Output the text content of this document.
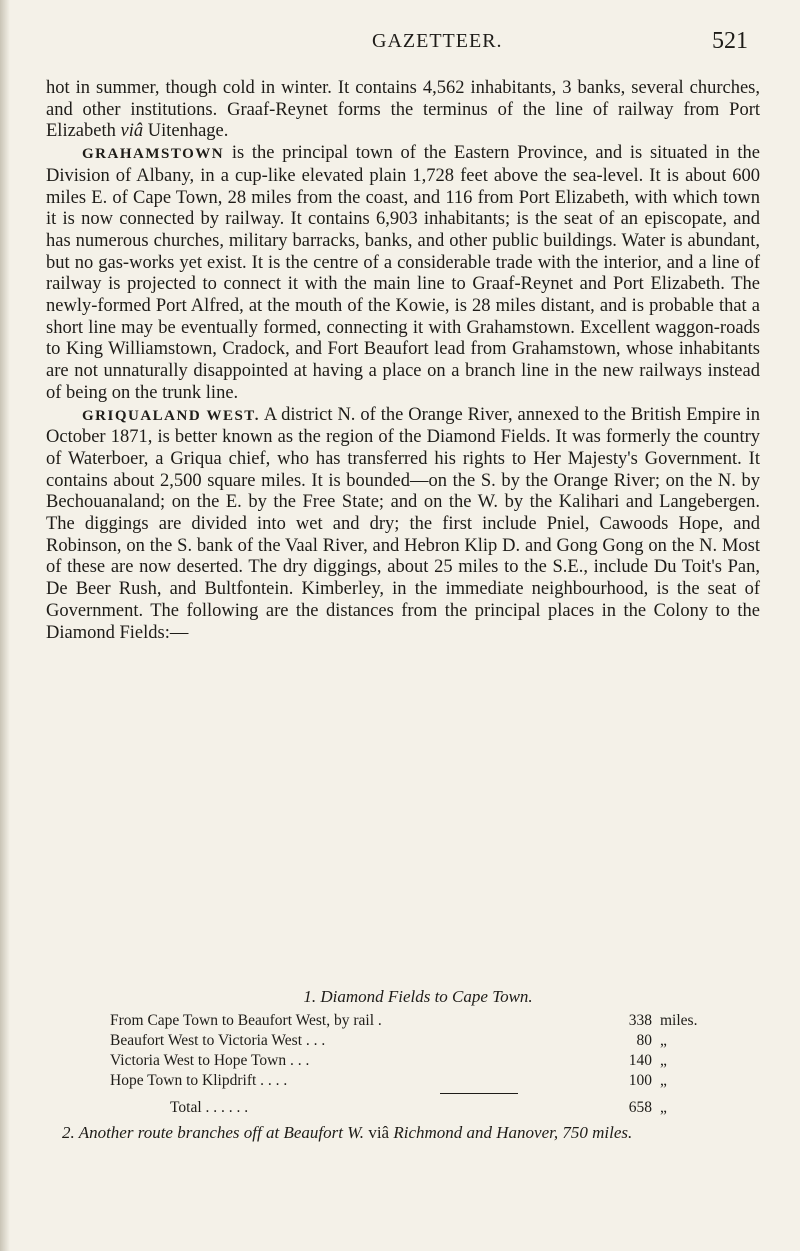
GAZETTEER.	521

hot in summer, though cold in winter. It contains 4,562 inhabitants, 3 banks, several churches, and other institutions. Graaf-Reynet forms the terminus of the line of railway from Port Elizabeth viâ Uitenhage.

GRAHAMSTOWN is the principal town of the Eastern Province, and is situated in the Division of Albany, in a cup-like elevated plain 1,728 feet above the sea-level. It is about 600 miles E. of Cape Town, 28 miles from the coast, and 116 from Port Elizabeth, with which town it is now connected by railway. It contains 6,903 inhabitants; is the seat of an episcopate, and has numerous churches, military barracks, banks, and other public buildings. Water is abundant, but no gas-works yet exist. It is the centre of a considerable trade with the interior, and a line of railway is projected to connect it with the main line to Graaf-Reynet and Port Elizabeth. The newly-formed Port Alfred, at the mouth of the Kowie, is 28 miles distant, and is probable that a short line may be eventually formed, connecting it with Grahamstown. Excellent waggon-roads to King Williamstown, Cradock, and Fort Beaufort lead from Grahamstown, whose inhabitants are not unnaturally disappointed at having a place on a branch line in the new railways instead of being on the trunk line.

GRIQUALAND WEST. A district N. of the Orange River, annexed to the British Empire in October 1871, is better known as the region of the Diamond Fields. It was formerly the country of Waterboer, a Griqua chief, who has transferred his rights to Her Majesty's Government. It contains about 2,500 square miles. It is bounded—on the S. by the Orange River; on the N. by Bechouanaland; on the E. by the Free State; and on the W. by the Kalihari and Langebergen. The diggings are divided into wet and dry; the first include Pniel, Cawoods Hope, and Robinson, on the S. bank of the Vaal River, and Hebron Klip D. and Gong Gong on the N. Most of these are now deserted. The dry diggings, about 25 miles to the S.E., include Du Toit's Pan, De Beer Rush, and Bultfontein. Kimberley, in the immediate neighbourhood, is the seat of Government. The following are the distances from the principal places in the Colony to the Diamond Fields:—

1. Diamond Fields to Cape Town.
From Cape Town to Beaufort West, by rail .	338 miles.
Beaufort West to Victoria West . . .	80 „
Victoria West to Hope Town . . .	140 „
Hope Town to Klipdrift . . . .	100 „
Total . . . . . .	658 „
2. Another route branches off at Beaufort W. viâ Richmond and Hanover, 750 miles.
